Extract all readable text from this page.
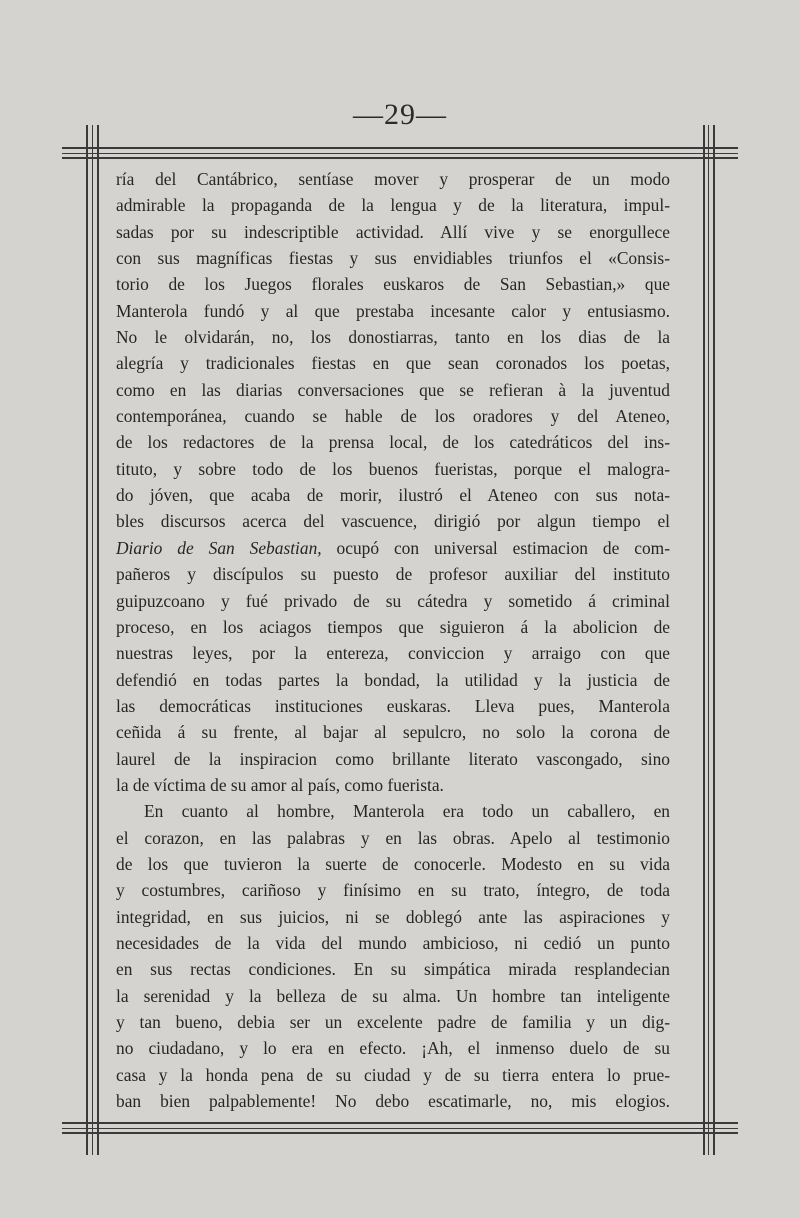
—29—
ría del Cantábrico, sentíase mover y prosperar de un modo
admirable la propaganda de la lengua y de la literatura, impul-
sadas por su indescriptible actividad. Allí vive y se enorgullece
con sus magníficas fiestas y sus envidiables triunfos el «Consis-
torio de los Juegos florales euskaros de San Sebastian,» que
Manterola fundó y al que prestaba incesante calor y entusiasmo.
No le olvidarán, no, los donostiarras, tanto en los dias de la
alegría y tradicionales fiestas en que sean coronados los poetas,
como en las diarias conversaciones que se refieran à la juventud
contemporánea, cuando se hable de los oradores y del Ateneo,
de los redactores de la prensa local, de los catedráticos del ins-
tituto, y sobre todo de los buenos fueristas, porque el malogra-
do jóven, que acaba de morir, ilustró el Ateneo con sus nota-
bles discursos acerca del vascuence, dirigió por algun tiempo el
Diario de San Sebastian, ocupó con universal estimacion de com-
pañeros y discípulos su puesto de profesor auxiliar del instituto
guipuzcoano y fué privado de su cátedra y sometido á criminal
proceso, en los aciagos tiempos que siguieron á la abolicion de
nuestras leyes, por la entereza, conviccion y arraigo con que
defendió en todas partes la bondad, la utilidad y la justicia de
las democráticas instituciones euskaras. Lleva pues, Manterola
ceñida á su frente, al bajar al sepulcro, no solo la corona de
laurel de la inspiracion como brillante literato vascongado, sino
la de víctima de su amor al país, como fuerista.
En cuanto al hombre, Manterola era todo un caballero, en
el corazon, en las palabras y en las obras. Apelo al testimonio
de los que tuvieron la suerte de conocerle. Modesto en su vida
y costumbres, cariñoso y finísimo en su trato, íntegro, de toda
integridad, en sus juicios, ni se doblegó ante las aspiraciones y
necesidades de la vida del mundo ambicioso, ni cedió un punto
en sus rectas condiciones. En su simpática mirada resplandecian
la serenidad y la belleza de su alma. Un hombre tan inteligente
y tan bueno, debia ser un excelente padre de familia y un dig-
no ciudadano, y lo era en efecto. ¡Ah, el inmenso duelo de su
casa y la honda pena de su ciudad y de su tierra entera lo prue-
ban bien palpablemente! No debo escatimarle, no, mis elogios.
